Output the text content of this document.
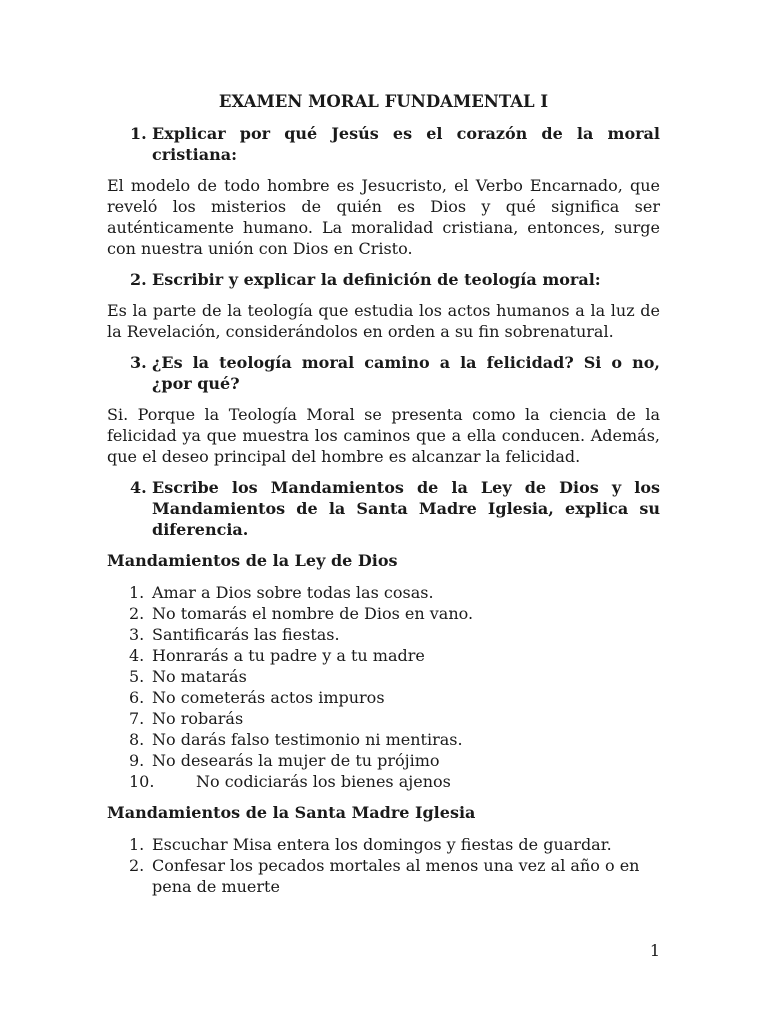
EXAMEN MORAL FUNDAMENTAL I
1. Explicar por qué Jesús es el corazón de la moral cristiana:
El modelo de todo hombre es Jesucristo, el Verbo Encarnado, que reveló los misterios de quién es Dios y qué significa ser auténticamente humano. La moralidad cristiana, entonces, surge con nuestra unión con Dios en Cristo.
2. Escribir y explicar la definición de teología moral:
Es la parte de la teología que estudia los actos humanos a la luz de la Revelación, considerándolos en orden a su fin sobrenatural.
3. ¿Es la teología moral camino a la felicidad? Si o no, ¿por qué?
Si. Porque la Teología Moral se presenta como la ciencia de la felicidad ya que muestra los caminos que a ella conducen. Además, que el deseo principal del hombre es alcanzar la felicidad.
4. Escribe los Mandamientos de la Ley de Dios y los Mandamientos de la Santa Madre Iglesia, explica su diferencia.
Mandamientos de la Ley de Dios
1. Amar a Dios sobre todas las cosas.
2. No tomarás el nombre de Dios en vano.
3. Santificarás las fiestas.
4. Honrarás a tu padre y a tu madre
5. No matarás
6. No cometerás actos impuros
7. No robarás
8. No darás falso testimonio ni mentiras.
9. No desearás la mujer de tu prójimo
10.	No codiciarás los bienes ajenos
Mandamientos de la Santa Madre Iglesia
1. Escuchar Misa entera los domingos y fiestas de guardar.
2. Confesar los pecados mortales al menos una vez al año o en pena de muerte
1
